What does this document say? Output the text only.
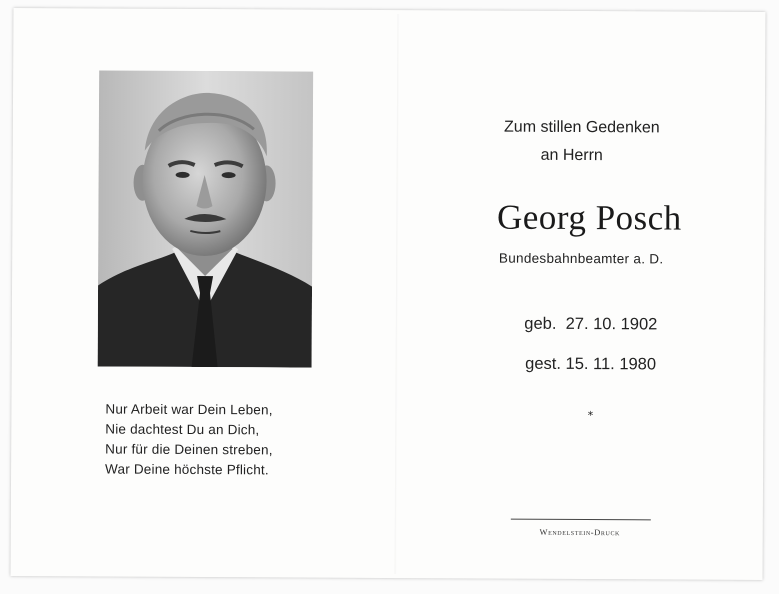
Nur Arbeit war Dein Leben,
Nie dachtest Du an Dich,
Nur für die Deinen streben,
War Deine höchste Pflicht.

Zum stillen Gedenken
an Herrn
Georg Posch
Bundesbahnbeamter a. D.
geb.  27. 10. 1902
gest. 15. 11. 1980
*
Wendelstein-Druck
